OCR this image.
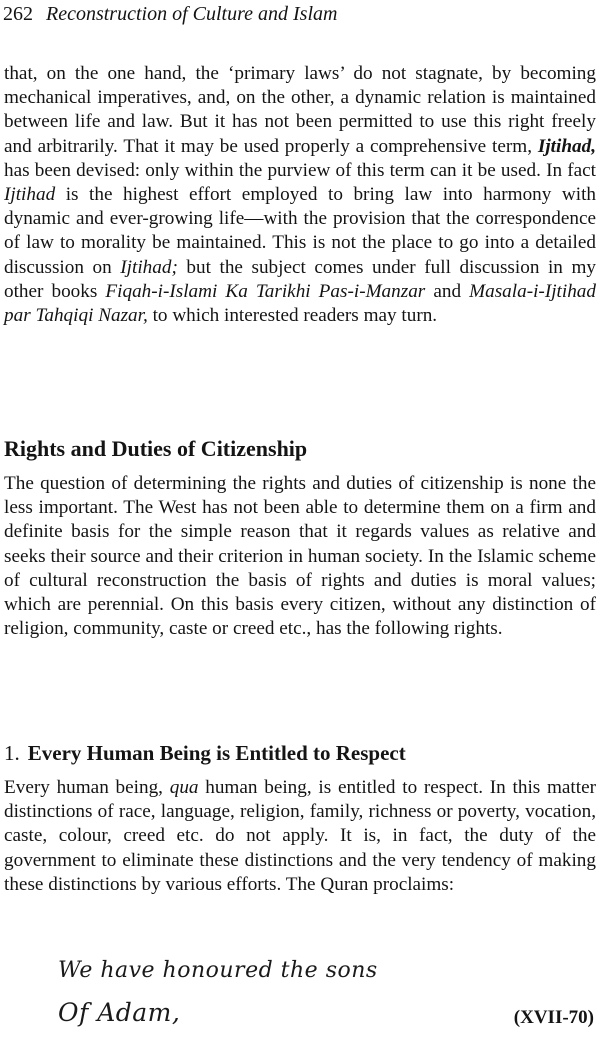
262 Reconstruction of Culture and Islam

that, on the one hand, the ‘primary laws’ do not stagnate, by becoming mechanical imperatives, and, on the other, a dynamic relation is maintained between life and law. But it has not been permitted to use this right freely and arbitrarily. That it may be used properly a comprehensive term, Ijtihad, has been devised: only within the purview of this term can it be used. In fact Ijtihad is the highest effort employed to bring law into harmony with dynamic and ever-growing life—with the provision that the correspondence of law to morality be maintained. This is not the place to go into a detailed discussion on Ijtihad; but the subject comes under full discussion in my other books Fiqah-i-Islami Ka Tarikhi Pas-i-Manzar and Masala-i-Ijtihad par Tahqiqi Nazar, to which interested readers may turn.

Rights and Duties of Citizenship

The question of determining the rights and duties of citizenship is none the less important. The West has not been able to determine them on a firm and definite basis for the simple reason that it regards values as relative and seeks their source and their criterion in human society. In the Islamic scheme of cultural reconstruction the basis of rights and duties is moral values; which are perennial. On this basis every citizen, without any distinction of religion, community, caste or creed etc., has the following rights.

1. Every Human Being is Entitled to Respect

Every human being, qua human being, is entitled to respect. In this matter distinctions of race, language, religion, family, richness or poverty, vocation, caste, colour, creed etc. do not apply. It is, in fact, the duty of the government to eliminate these distinctions and the very tendency of making these distinctions by various efforts. The Quran proclaims:

We have honoured the sons
Of Adam,	(XVII-70)
